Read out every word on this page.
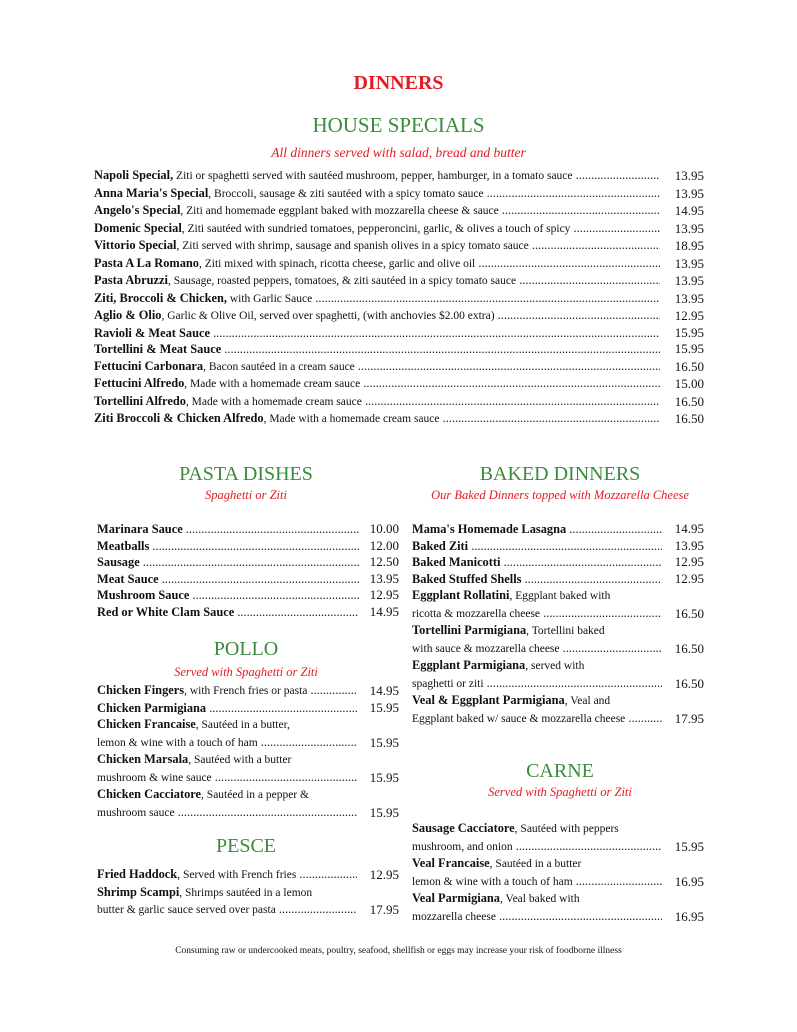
DINNERS
HOUSE SPECIALS
All dinners served with salad, bread and butter
Napoli Special, Ziti or spaghetti served with sautéed mushroom, pepper, hamburger, in a tomato sauce .....	13.95
Anna Maria's Special, Broccoli, sausage & ziti sautéed with a spicy tomato sauce .....	13.95
Angelo's Special, Ziti and homemade eggplant baked with mozzarella cheese & sauce .....	14.95
Domenic Special, Ziti sautéed with sundried tomatoes, pepperoncini, garlic, & olives a touch of spicy .....	13.95
Vittorio Special, Ziti served with shrimp, sausage and spanish olives in a spicy tomato sauce .....	18.95
Pasta A La Romano, Ziti mixed with spinach, ricotta cheese, garlic and olive oil .....	13.95
Pasta Abruzzi, Sausage, roasted peppers, tomatoes, & ziti sautéed in a spicy tomato sauce .....	13.95
Ziti, Broccoli & Chicken, with Garlic Sauce .....	13.95
Aglio & Olio, Garlic & Olive Oil, served over spaghetti, (with anchovies $2.00 extra) .....	12.95
Ravioli & Meat Sauce .....	15.95
Tortellini & Meat Sauce .....	15.95
Fettucini Carbonara, Bacon sautéed in a cream sauce .....	16.50
Fettucini Alfredo, Made with a homemade cream sauce .....	15.00
Tortellini Alfredo, Made with a homemade cream sauce .....	16.50
Ziti Broccoli & Chicken Alfredo, Made with a homemade cream sauce .....	16.50
PASTA DISHES
Spaghetti or Ziti
Marinara Sauce .....	10.00
Meatballs .....	12.00
Sausage .....	12.50
Meat Sauce .....	13.95
Mushroom Sauce .....	12.95
Red or White Clam Sauce .....	14.95
POLLO
Served with Spaghetti or Ziti
Chicken Fingers, with French fries or pasta .....	14.95
Chicken Parmigiana .....	15.95
Chicken Francaise, Sautéed in a butter,
lemon & wine with a touch of ham .....	15.95
Chicken Marsala, Sautéed with a butter
mushroom & wine sauce .....	15.95
Chicken Cacciatore, Sautéed in a pepper &
mushroom sauce .....	15.95
PESCE
Fried Haddock, Served with French fries .....	12.95
Shrimp Scampi, Shrimps sautéed in a lemon
butter & garlic sauce served over pasta .....	17.95
BAKED DINNERS
Our Baked Dinners topped with Mozzarella Cheese
Mama's Homemade Lasagna .....	14.95
Baked Ziti .....	13.95
Baked Manicotti .....	12.95
Baked Stuffed Shells .....	12.95
Eggplant Rollatini, Eggplant baked with
ricotta & mozzarella cheese .....	16.50
Tortellini Parmigiana, Tortellini baked
with sauce & mozzarella cheese .....	16.50
Eggplant Parmigiana, served with
spaghetti or ziti .....	16.50
Veal & Eggplant Parmigiana, Veal and
Eggplant baked w/ sauce & mozzarella cheese .....	17.95
CARNE
Served with Spaghetti or Ziti
Sausage Cacciatore, Sautéed with peppers
mushroom, and onion .....	15.95
Veal Francaise, Sautéed in a butter
lemon & wine with a touch of ham .....	16.95
Veal Parmigiana, Veal baked with
mozzarella cheese .....	16.95
Consuming raw or undercooked meats, poultry, seafood, shellfish or eggs may increase your risk of foodborne illness
